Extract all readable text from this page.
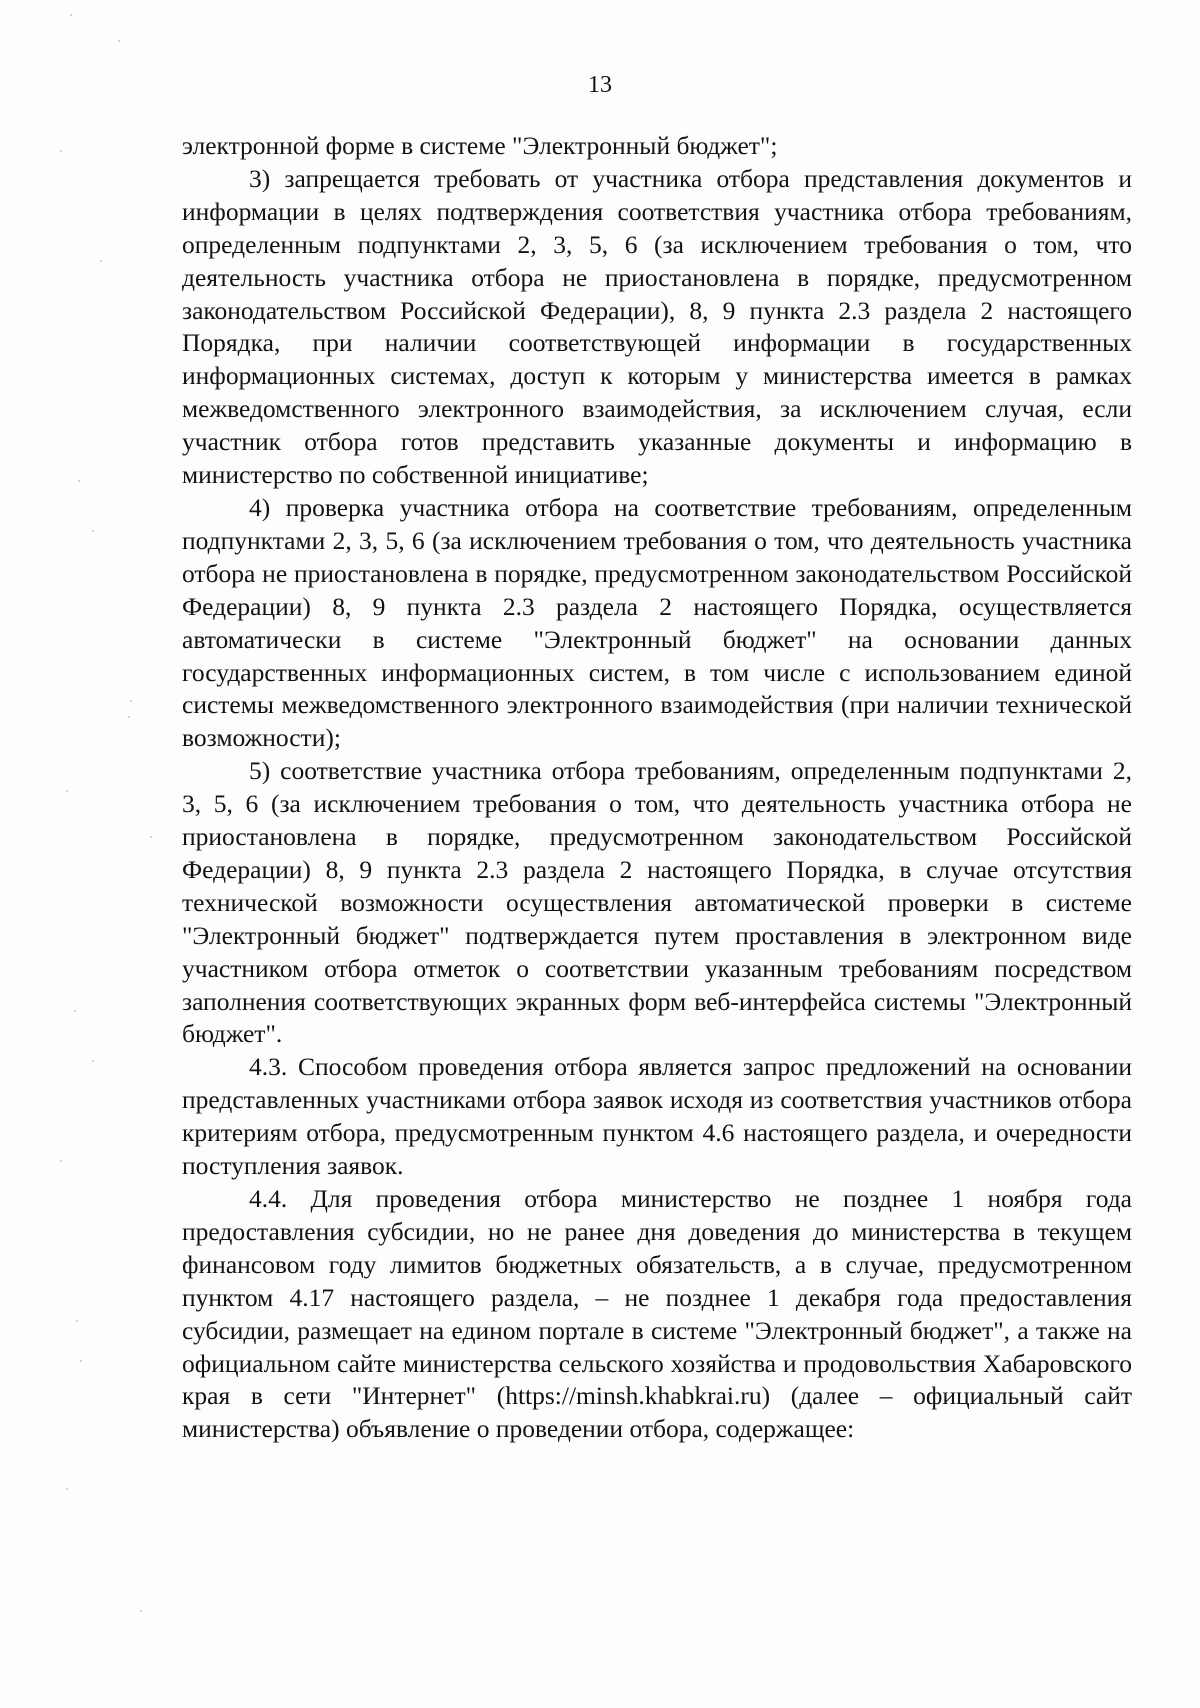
13

электронной форме в системе "Электронный бюджет";

3) запрещается требовать от участника отбора представления документов и информации в целях подтверждения соответствия участника отбора требованиям, определенным подпунктами 2, 3, 5, 6 (за исключением требования о том, что деятельность участника отбора не приостановлена в порядке, предусмотренном законодательством Российской Федерации), 8, 9 пункта 2.3 раздела 2 настоящего Порядка, при наличии соответствующей информации в государственных информационных системах, доступ к которым у министерства имеется в рамках межведомственного электронного взаимодействия, за исключением случая, если участник отбора готов представить указанные документы и информацию в министерство по собственной инициативе;

4) проверка участника отбора на соответствие требованиям, определенным подпунктами 2, 3, 5, 6 (за исключением требования о том, что деятельность участника отбора не приостановлена в порядке, предусмотренном законодательством Российской Федерации) 8, 9 пункта 2.3 раздела 2 настоящего Порядка, осуществляется автоматически в системе "Электронный бюджет" на основании данных государственных информационных систем, в том числе с использованием единой системы межведомственного электронного взаимодействия (при наличии технической возможности);

5) соответствие участника отбора требованиям, определенным подпунктами 2, 3, 5, 6 (за исключением требования о том, что деятельность участника отбора не приостановлена в порядке, предусмотренном законодательством Российской Федерации) 8, 9 пункта 2.3 раздела 2 настоящего Порядка, в случае отсутствия технической возможности осуществления автоматической проверки в системе "Электронный бюджет" подтверждается путем проставления в электронном виде участником отбора отметок о соответствии указанным требованиям посредством заполнения соответствующих экранных форм веб-интерфейса системы "Электронный бюджет".

4.3. Способом проведения отбора является запрос предложений на основании представленных участниками отбора заявок исходя из соответствия участников отбора критериям отбора, предусмотренным пунктом 4.6 настоящего раздела, и очередности поступления заявок.

4.4. Для проведения отбора министерство не позднее 1 ноября года предоставления субсидии, но не ранее дня доведения до министерства в текущем финансовом году лимитов бюджетных обязательств, а в случае, предусмотренном пунктом 4.17 настоящего раздела, – не позднее 1 декабря года предоставления субсидии, размещает на едином портале в системе "Электронный бюджет", а также на официальном сайте министерства сельского хозяйства и продовольствия Хабаровского края в сети "Интернет" (https://minsh.khabkrai.ru) (далее – официальный сайт министерства) объявление о проведении отбора, содержащее:
